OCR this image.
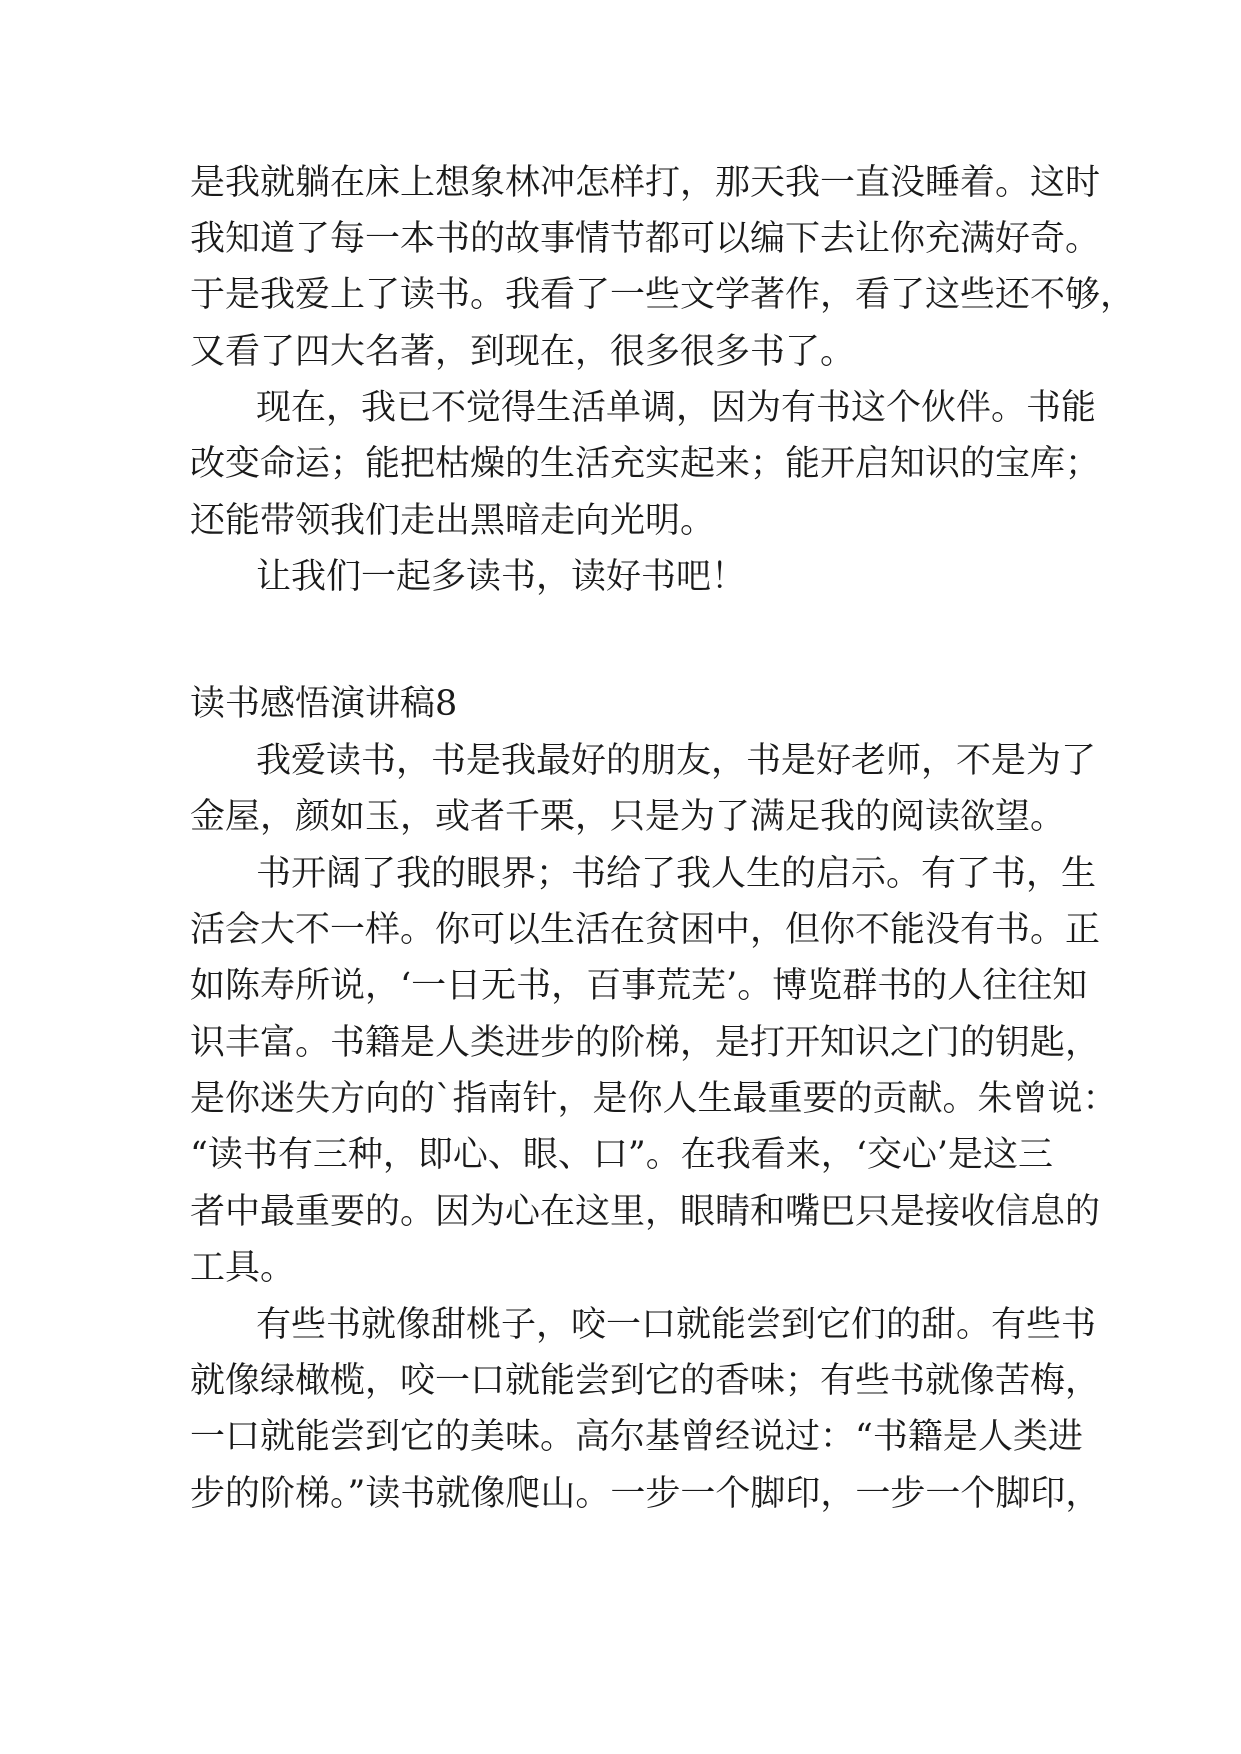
是我就躺在床上想象林冲怎样打，那天我一直没睡着。这时
我知道了每一本书的故事情节都可以编下去让你充满好奇。
于是我爱上了读书。我看了一些文学著作，看了这些还不够，
又看了四大名著，到现在，很多很多书了。
现在，我已不觉得生活单调，因为有书这个伙伴。书能
改变命运；能把枯燥的生活充实起来；能开启知识的宝库；
还能带领我们走出黑暗走向光明。
让我们一起多读书，读好书吧！
读书感悟演讲稿8
我爱读书，书是我最好的朋友，书是好老师，不是为了
金屋，颜如玉，或者千栗，只是为了满足我的阅读欲望。
书开阔了我的眼界；书给了我人生的启示。有了书，生
活会大不一样。你可以生活在贫困中，但你不能没有书。正
如陈寿所说，‘一日无书，百事荒芜’。博览群书的人往往知
识丰富。书籍是人类进步的阶梯，是打开知识之门的钥匙，
是你迷失方向的`指南针，是你人生最重要的贡献。朱曾说：
“读书有三种，即心、眼、口”。在我看来，‘交心’是这三
者中最重要的。因为心在这里，眼睛和嘴巴只是接收信息的
工具。
有些书就像甜桃子，咬一口就能尝到它们的甜。有些书
就像绿橄榄，咬一口就能尝到它的香味；有些书就像苦梅，
一口就能尝到它的美味。高尔基曾经说过：“书籍是人类进
步的阶梯。”读书就像爬山。一步一个脚印，一步一个脚印，
